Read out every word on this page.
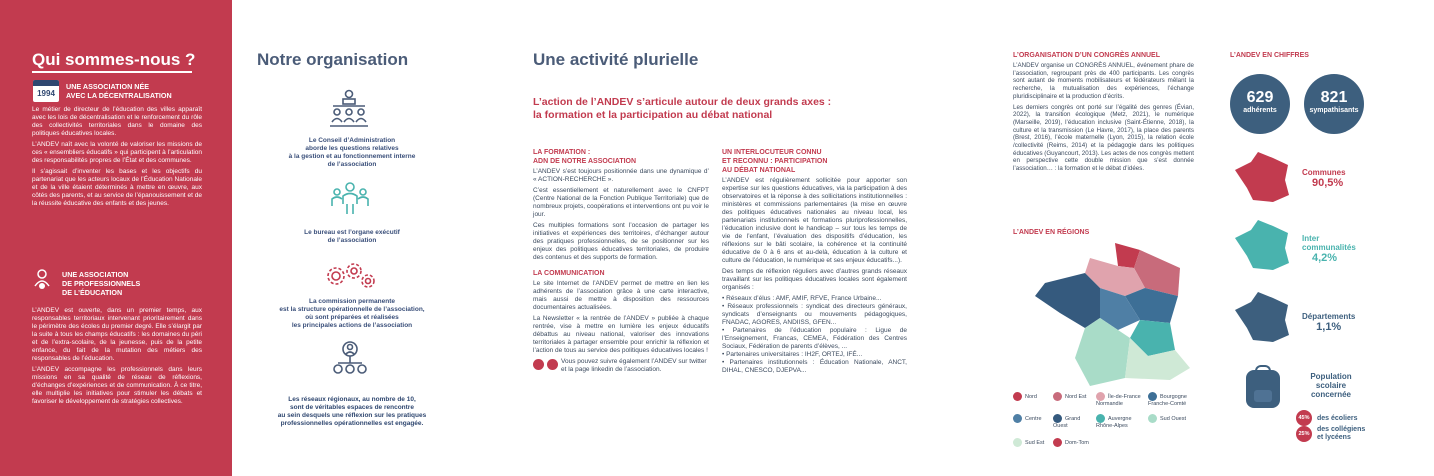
Qui sommes-nous ?
1994
UNE ASSOCIATION NÉE
AVEC LA DÉCENTRALISATION
Le métier de directeur de l’éducation des villes apparaît avec les lois de décentralisation et le renforcement du rôle des collectivités territoriales dans le domaine des politiques éducatives locales.
L’ANDEV naît avec la volonté de valoriser les missions de ces « ensembliers éducatifs » qui participent à l’articulation des responsabilités propres de l’État et des communes.
Il s’agissait d’inventer les bases et les objectifs du partenariat que les acteurs locaux de l’Éducation Nationale et de la ville étaient déterminés à mettre en œuvre, aux côtés des parents, et au service de l’épanouissement et de la réussite éducative des enfants et des jeunes.
UNE ASSOCIATION
DE PROFESSIONNELS
DE L’ÉDUCATION
L’ANDEV est ouverte, dans un premier temps, aux responsables territoriaux intervenant prioritairement dans le périmètre des écoles du premier degré. Elle s’élargit par la suite à tous les champs éducatifs : les domaines du péri et de l’extra-scolaire, de la jeunesse, puis de la petite enfance, du fait de la mutation des métiers des responsables de l’éducation.
L’ANDEV accompagne les professionnels dans leurs missions en sa qualité de réseau de réflexions, d’échanges d’expériences et de communication. À ce titre, elle multiplie les initiatives pour stimuler les débats et favoriser le développement de stratégies collectives.
Notre organisation
Le Conseil d’Administration
aborde les questions relatives
à la gestion et au fonctionnement interne
de l’association
Le bureau est l’organe exécutif
de l’association
La commission permanente
est la structure opérationnelle de l’association,
où sont préparées et réalisées
les principales actions de l’association
Les réseaux régionaux, au nombre de 10,
sont de véritables espaces de rencontre
au sein desquels une réflexion sur les pratiques
professionnelles opérationnelles est engagée.
Une activité plurielle
L’action de l’ANDEV s’articule autour de deux grands axes :
la formation et la participation au débat national
LA FORMATION :
ADN DE NOTRE ASSOCIATION
L’ANDEV s’est toujours positionnée dans une dynamique d’ « ACTION-RECHERCHE ».
C’est essentiellement et naturellement avec le CNFPT (Centre National de la Fonction Publique Territoriale) que de nombreux projets, coopérations et interventions ont pu voir le jour.
Ces multiples formations sont l’occasion de partager les initiatives et expériences des territoires, d’échanger autour des pratiques professionnelles, de se positionner sur les enjeux des politiques éducatives territoriales, de produire des contenus et des supports de formation.
LA COMMUNICATION
Le site Internet de l’ANDEV permet de mettre en lien les adhérents de l’association grâce à une carte interactive, mais aussi de mettre à disposition des ressources documentaires actualisées.
La Newsletter « la rentrée de l’ANDEV » publiée à chaque rentrée, vise à mettre en lumière les enjeux éducatifs débattus au niveau national, valoriser des innovations territoriales à partager ensemble pour enrichir la réflexion et l’action de tous au service des politiques éducatives locales !
Vous pouvez suivre également l’ANDEV sur twitter et la page linkedin de l’association.
UN INTERLOCUTEUR CONNU
ET RECONNU : PARTICIPATION
AU DÉBAT NATIONAL
L’ANDEV est régulièrement sollicitée pour apporter son expertise sur les questions éducatives, via la participation à des observatoires et la réponse à des sollicitations institutionnelles : ministères et commissions parlementaires (la mise en œuvre des politiques éducatives nationales au niveau local, les partenariats institutionnels et formations pluriprofessionnelles, l’éducation inclusive dont le handicap – sur tous les temps de vie de l’enfant, l’évaluation des dispositifs d’éducation, les réflexions sur le bâti scolaire, la cohérence et la continuité éducative de 0 à 6 ans et au-delà, éducation à la culture et culture de l’éducation, le numérique et ses enjeux éducatifs...).
Des temps de réflexion réguliers avec d’autres grands réseaux travaillant sur les politiques éducatives locales sont également organisés :
• Réseaux d’élus : AMF, AMIF, RFVE, France Urbaine...
• Réseaux professionnels : syndicat des directeurs généraux, syndicats d’enseignants ou mouvements pédagogiques, FNADAC, AGORES, ANDIISS, GFEN...
• Partenaires de l’éducation populaire : Ligue de l’Enseignement, Francas, CEMEA, Fédération des Centres Sociaux, Fédération de parents d’élèves, ...
• Partenaires universitaires : IH2F, ORTEJ, IFÉ...
• Partenaires institutionnels : Éducation Nationale, ANCT, DIHAL, CNESCO, DJEPVA...
L’ORGANISATION D’UN CONGRÈS ANNUEL
L’ANDEV organise un CONGRÈS ANNUEL, événement phare de l’association, regroupant près de 400 participants. Les congrès sont autant de moments mobilisateurs et fédérateurs mêlant la recherche, la mutualisation des expériences, l’échange pluridisciplinaire et la production d’écrits.
Les derniers congrès ont porté sur l’égalité des genres (Évian, 2022), la transition écologique (Metz, 2021), le numérique (Marseille, 2019), l’éducation inclusive (Saint-Étienne, 2018), la culture et la transmission (Le Havre, 2017), la place des parents (Brest, 2016), l’école maternelle (Lyon, 2015), la relation école /collectivité (Reims, 2014) et la pédagogie dans les politiques éducatives (Guyancourt, 2013). Les actes de nos congrès mettent en perspective cette double mission que s’est donnée l’association… : la formation et le débat d’idées.
L’ANDEV EN RÉGIONS
Nord	Nord Est	Île-de-France Normandie
Bourgogne Franche-Comté
Centre	Grand Ouest
Auvergne Rhône-Alpes
Sud Ouest
Sud Est	Dom-Tom
L’ANDEV EN CHIFFRES
629
adhérents
821
sympathisants
Communes
90,5%
Inter communalités
4,2%
Départements
1,1%
Population scolaire concernée
45%	des écoliers
25%
des collégiens et lycéens
